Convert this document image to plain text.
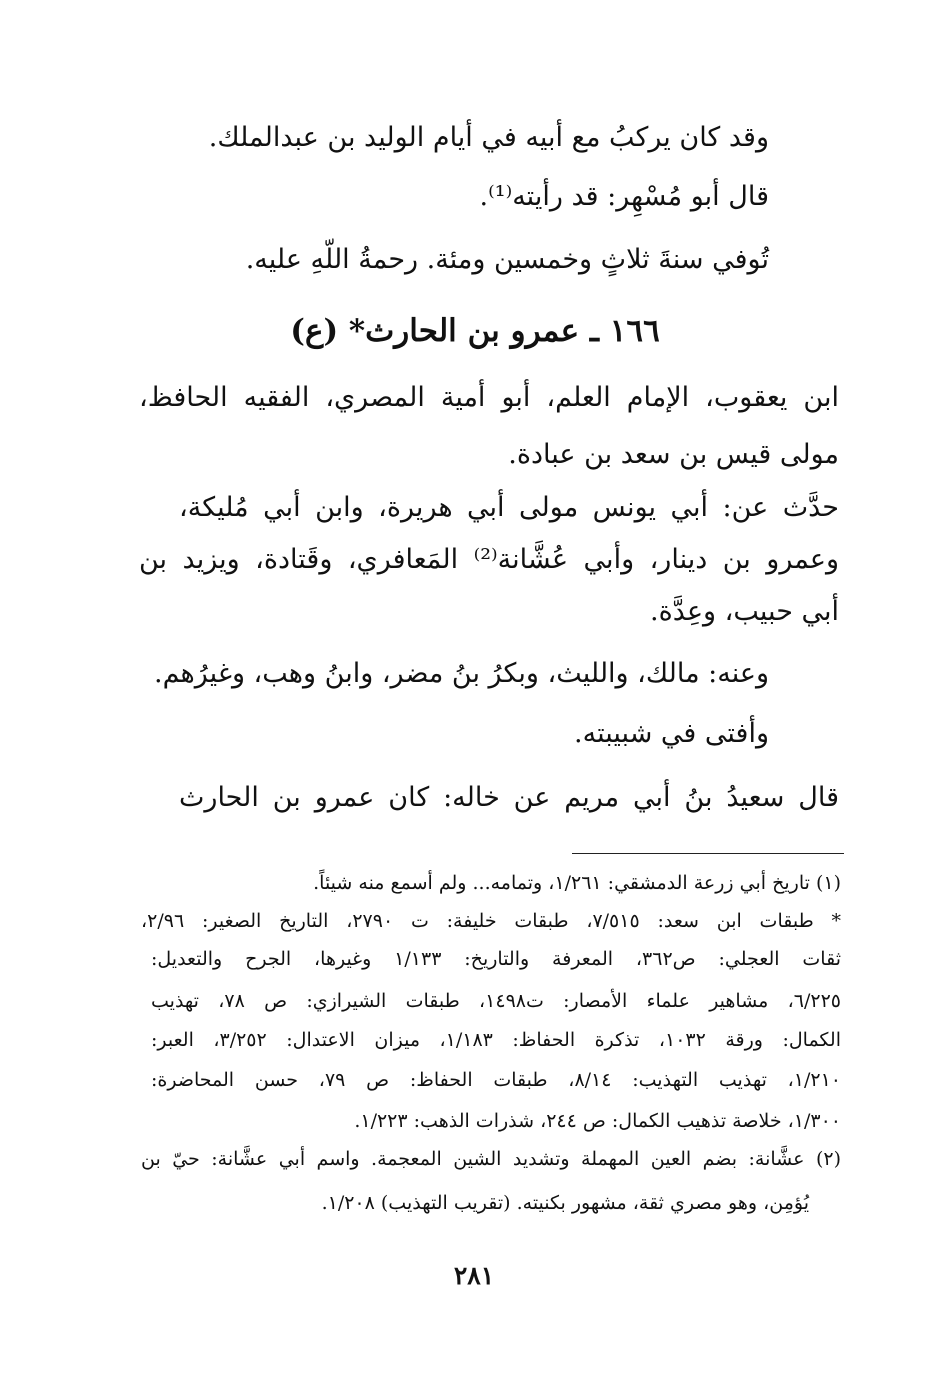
وقد كان يركبُ مع أبيه في أيام الوليد بن عبدالملك.
قال أبو مُسْهِر: قد رأيته⁽¹⁾.
تُوفي سنةَ ثلاثٍ وخمسين ومئة. رحمةُ اللّهِ عليه.
١٦٦ ـ عمرو بن الحارث* (ع)
ابن يعقوب، الإمام العلم، أبو أمية المصري، الفقيه الحافظ،
مولى قيس بن سعد بن عبادة.
حدَّث عن: أبي يونس مولى أبي هريرة، وابن أبي مُليكة،
وعمرو بن دينار، وأبي عُشَّانة⁽²⁾ المَعافري، وقَتادة، ويزيد بن
أبي حبيب، وعِدَّة.
وعنه: مالك، والليث، وبكرُ بنُ مضر، وابنُ وهب، وغيرُهم.
وأفتى في شبيبته.
قال سعيدُ بنُ أبي مريم عن خاله: كان عمرو بن الحارث
(١) تاريخ أبي زرعة الدمشقي: ١/٢٦١، وتمامه... ولم أسمع منه شيئاً.
* طبقات ابن سعد: ٧/٥١٥، طبقات خليفة: ت ٢٧٩٠، التاريخ الصغير: ٢/٩٦،
ثقات العجلي: ص٣٦٢، المعرفة والتاريخ: ١/١٣٣ وغيرها، الجرح والتعديل:
٦/٢٢٥، مشاهير علماء الأمصار: ت١٤٩٨، طبقات الشيرازي: ص ٧٨، تهذيب
الكمال: ورقة ١٠٣٢، تذكرة الحفاظ: ١/١٨٣، ميزان الاعتدال: ٣/٢٥٢، العبر:
١/٢١٠، تهذيب التهذيب: ٨/١٤، طبقات الحفاظ: ص ٧٩، حسن المحاضرة:
١/٣٠٠، خلاصة تذهيب الكمال: ص ٢٤٤، شذرات الذهب: ١/٢٢٣.
(٢) عشَّانة: بضم العين المهملة وتشديد الشين المعجمة. واسم أبي عشَّانة: حيّ بن
يُؤمِن، وهو مصري ثقة، مشهور بكنيته. (تقريب التهذيب) ١/٢٠٨.
٢٨١
